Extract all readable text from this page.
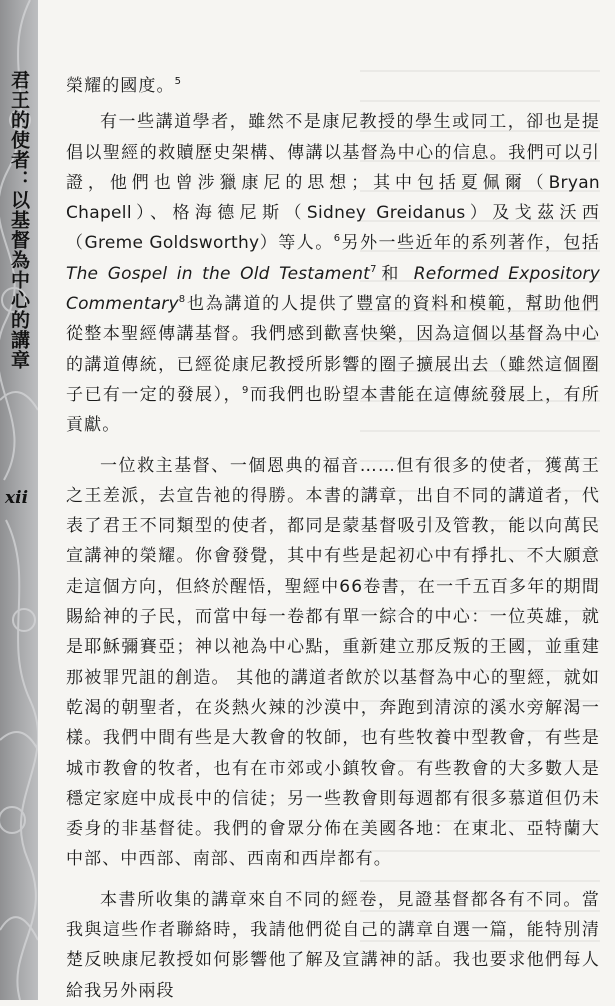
君王的使者：以基督為中心的講章
xii

榮耀的國度。$^5$

有一些講道學者，雖然不是康尼教授的學生或同工，卻也是提倡以聖經的救贖歷史架構、傳講以基督為中心的信息。我們可以引證，他們也曾涉獵康尼的思想；其中包括夏佩爾（Bryan Chapell）、格海德尼斯（Sidney Greidanus）及戈茲沃西（Greme Goldsworthy）等人。$^6$另外一些近年的系列著作，包括 The Gospel in the Old Testament$^7$和 Reformed Expository Commentary$^8$也為講道的人提供了豐富的資料和模範，幫助他們從整本聖經傳講基督。我們感到歡喜快樂，因為這個以基督為中心的講道傳統，已經從康尼教授所影響的圈子擴展出去（雖然這個圈子已有一定的發展），$^9$而我們也盼望本書能在這傳統發展上，有所貢獻。

一位救主基督、一個恩典的福音……但有很多的使者，獲萬王之王差派，去宣告祂的得勝。本書的講章，出自不同的講道者，代表了君王不同類型的使者，都同是蒙基督吸引及管教，能以向萬民宣講神的榮耀。你會發覺，其中有些是起初心中有掙扎、不大願意走這個方向，但終於醒悟，聖經中66卷書，在一千五百多年的期間賜給神的子民，而當中每一卷都有單一綜合的中心：一位英雄，就是耶穌彌賽亞；神以祂為中心點，重新建立那反叛的王國，並重建那被罪咒詛的創造。 其他的講道者飲於以基督為中心的聖經，就如乾渴的朝聖者，在炎熱火辣的沙漠中，奔跑到清涼的溪水旁解渴一樣。我們中間有些是大教會的牧師，也有些牧養中型教會，有些是城市教會的牧者，也有在市郊或小鎮牧會。有些教會的大多數人是穩定家庭中成長中的信徒；另一些教會則每週都有很多慕道但仍未委身的非基督徒。我們的會眾分佈在美國各地：在東北、亞特蘭大中部、中西部、南部、西南和西岸都有。

本書所收集的講章來自不同的經卷，見證基督都各有不同。當我與這些作者聯絡時，我請他們從自己的講章自選一篇，能特別清楚反映康尼教授如何影響他了解及宣講神的話。我也要求他們每人給我另外兩段
